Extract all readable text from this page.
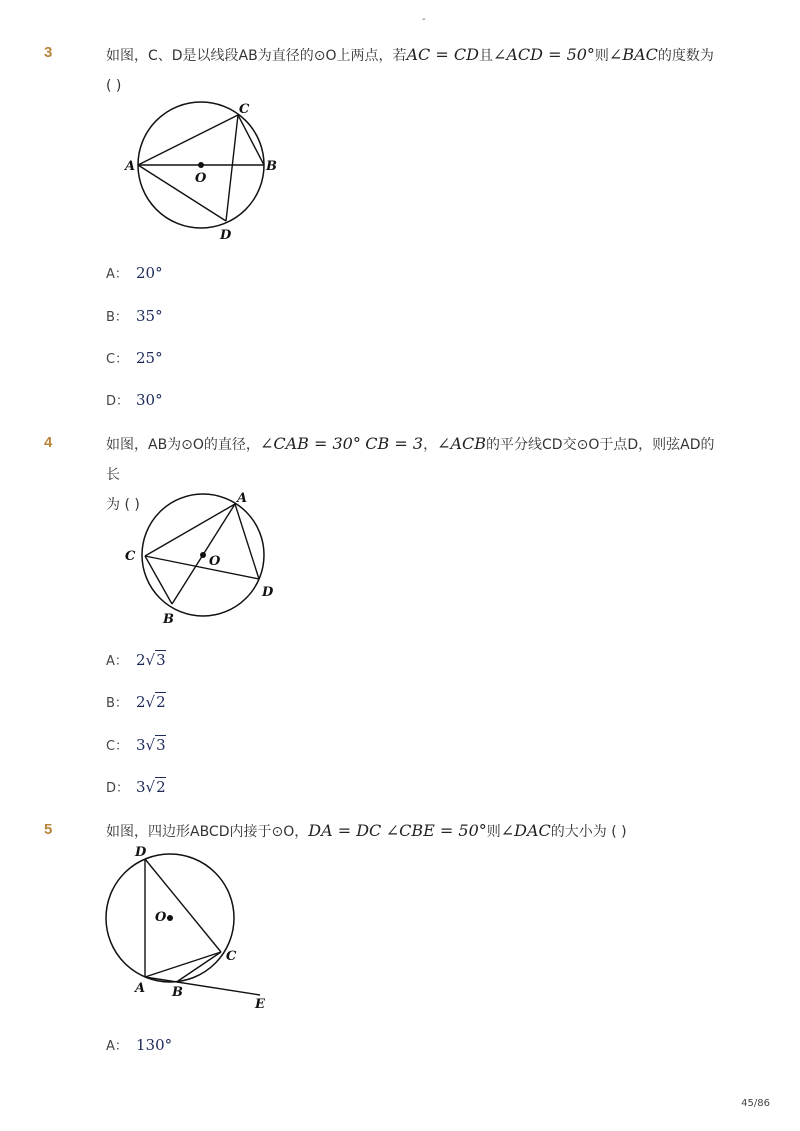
-
3	如图，C、D是以线段AB为直径的⊙O上两点，若AC = CD且∠ACD = 50°则∠BAC的度数为
( )
A	B
C
D
O
A： 20°
B： 35°
C： 25°
D： 30°
4	如图，AB为⊙O的直径，∠CAB = 30° CB = 3，∠ACB的平分线CD交⊙O于点D，则弦AD的长
为 ( )	A
B
C
D
O
A： 2√3
B： 2√2
C： 3√3
D： 3√2
5	如图，四边形ABCD内接于⊙O，DA = DC ∠CBE = 50°则∠DAC的大小为 ( )
A B
C
D
E
O
A： 130°
45/86
